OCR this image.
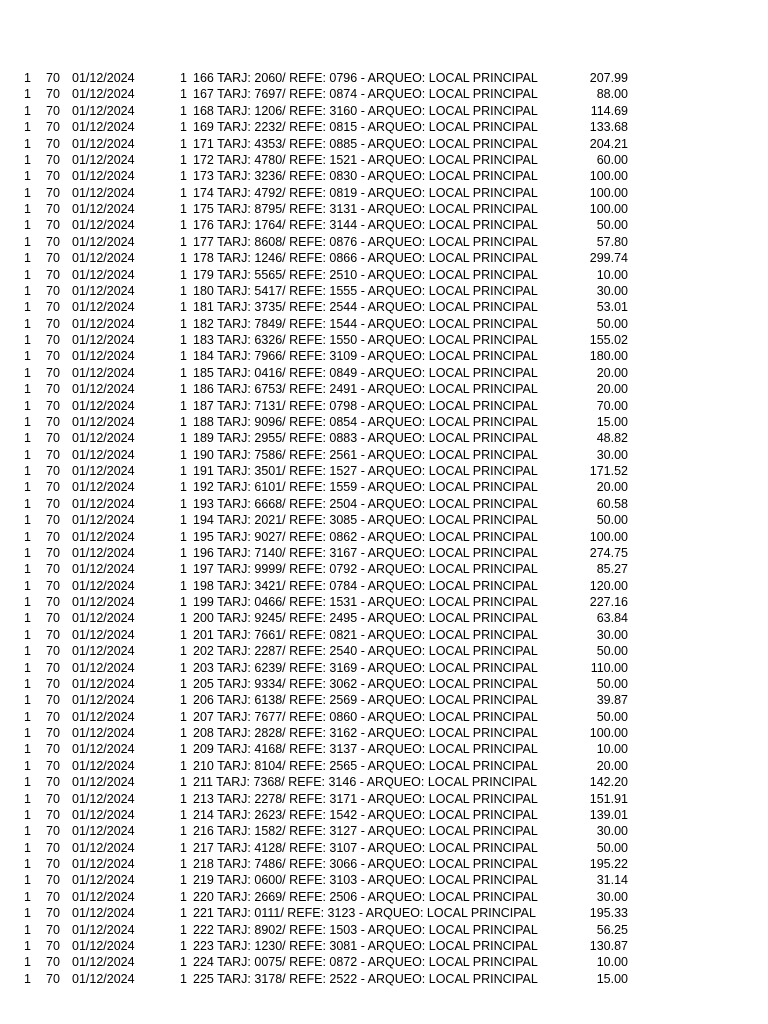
1 70 01/12/2024	1 166 TARJ: 2060/ REFE: 0796 - ARQUEO: LOCAL PRINCIPAL	207.99
1 70 01/12/2024	1 167 TARJ: 7697/ REFE: 0874 - ARQUEO: LOCAL PRINCIPAL	88.00
1 70 01/12/2024	1 168 TARJ: 1206/ REFE: 3160 - ARQUEO: LOCAL PRINCIPAL	114.69
1 70 01/12/2024	1 169 TARJ: 2232/ REFE: 0815 - ARQUEO: LOCAL PRINCIPAL	133.68
1 70 01/12/2024	1 171 TARJ: 4353/ REFE: 0885 - ARQUEO: LOCAL PRINCIPAL	204.21
1 70 01/12/2024	1 172 TARJ: 4780/ REFE: 1521 - ARQUEO: LOCAL PRINCIPAL	60.00
1 70 01/12/2024	1 173 TARJ: 3236/ REFE: 0830 - ARQUEO: LOCAL PRINCIPAL	100.00
1 70 01/12/2024	1 174 TARJ: 4792/ REFE: 0819 - ARQUEO: LOCAL PRINCIPAL	100.00
1 70 01/12/2024	1 175 TARJ: 8795/ REFE: 3131 - ARQUEO: LOCAL PRINCIPAL	100.00
1 70 01/12/2024	1 176 TARJ: 1764/ REFE: 3144 - ARQUEO: LOCAL PRINCIPAL	50.00
1 70 01/12/2024	1 177 TARJ: 8608/ REFE: 0876 - ARQUEO: LOCAL PRINCIPAL	57.80
1 70 01/12/2024	1 178 TARJ: 1246/ REFE: 0866 - ARQUEO: LOCAL PRINCIPAL	299.74
1 70 01/12/2024	1 179 TARJ: 5565/ REFE: 2510 - ARQUEO: LOCAL PRINCIPAL	10.00
1 70 01/12/2024	1 180 TARJ: 5417/ REFE: 1555 - ARQUEO: LOCAL PRINCIPAL	30.00
1 70 01/12/2024	1 181 TARJ: 3735/ REFE: 2544 - ARQUEO: LOCAL PRINCIPAL	53.01
1 70 01/12/2024	1 182 TARJ: 7849/ REFE: 1544 - ARQUEO: LOCAL PRINCIPAL	50.00
1 70 01/12/2024	1 183 TARJ: 6326/ REFE: 1550 - ARQUEO: LOCAL PRINCIPAL	155.02
1 70 01/12/2024	1 184 TARJ: 7966/ REFE: 3109 - ARQUEO: LOCAL PRINCIPAL	180.00
1 70 01/12/2024	1 185 TARJ: 0416/ REFE: 0849 - ARQUEO: LOCAL PRINCIPAL	20.00
1 70 01/12/2024	1 186 TARJ: 6753/ REFE: 2491 - ARQUEO: LOCAL PRINCIPAL	20.00
1 70 01/12/2024	1 187 TARJ: 7131/ REFE: 0798 - ARQUEO: LOCAL PRINCIPAL	70.00
1 70 01/12/2024	1 188 TARJ: 9096/ REFE: 0854 - ARQUEO: LOCAL PRINCIPAL	15.00
1 70 01/12/2024	1 189 TARJ: 2955/ REFE: 0883 - ARQUEO: LOCAL PRINCIPAL	48.82
1 70 01/12/2024	1 190 TARJ: 7586/ REFE: 2561 - ARQUEO: LOCAL PRINCIPAL	30.00
1 70 01/12/2024	1 191 TARJ: 3501/ REFE: 1527 - ARQUEO: LOCAL PRINCIPAL	171.52
1 70 01/12/2024	1 192 TARJ: 6101/ REFE: 1559 - ARQUEO: LOCAL PRINCIPAL	20.00
1 70 01/12/2024	1 193 TARJ: 6668/ REFE: 2504 - ARQUEO: LOCAL PRINCIPAL	60.58
1 70 01/12/2024	1 194 TARJ: 2021/ REFE: 3085 - ARQUEO: LOCAL PRINCIPAL	50.00
1 70 01/12/2024	1 195 TARJ: 9027/ REFE: 0862 - ARQUEO: LOCAL PRINCIPAL	100.00
1 70 01/12/2024	1 196 TARJ: 7140/ REFE: 3167 - ARQUEO: LOCAL PRINCIPAL	274.75
1 70 01/12/2024	1 197 TARJ: 9999/ REFE: 0792 - ARQUEO: LOCAL PRINCIPAL	85.27
1 70 01/12/2024	1 198 TARJ: 3421/ REFE: 0784 - ARQUEO: LOCAL PRINCIPAL	120.00
1 70 01/12/2024	1 199 TARJ: 0466/ REFE: 1531 - ARQUEO: LOCAL PRINCIPAL	227.16
1 70 01/12/2024	1 200 TARJ: 9245/ REFE: 2495 - ARQUEO: LOCAL PRINCIPAL	63.84
1 70 01/12/2024	1 201 TARJ: 7661/ REFE: 0821 - ARQUEO: LOCAL PRINCIPAL	30.00
1 70 01/12/2024	1 202 TARJ: 2287/ REFE: 2540 - ARQUEO: LOCAL PRINCIPAL	50.00
1 70 01/12/2024	1 203 TARJ: 6239/ REFE: 3169 - ARQUEO: LOCAL PRINCIPAL	110.00
1 70 01/12/2024	1 205 TARJ: 9334/ REFE: 3062 - ARQUEO: LOCAL PRINCIPAL	50.00
1 70 01/12/2024	1 206 TARJ: 6138/ REFE: 2569 - ARQUEO: LOCAL PRINCIPAL	39.87
1 70 01/12/2024	1 207 TARJ: 7677/ REFE: 0860 - ARQUEO: LOCAL PRINCIPAL	50.00
1 70 01/12/2024	1 208 TARJ: 2828/ REFE: 3162 - ARQUEO: LOCAL PRINCIPAL	100.00
1 70 01/12/2024	1 209 TARJ: 4168/ REFE: 3137 - ARQUEO: LOCAL PRINCIPAL	10.00
1 70 01/12/2024	1 210 TARJ: 8104/ REFE: 2565 - ARQUEO: LOCAL PRINCIPAL	20.00
1 70 01/12/2024	1 211 TARJ: 7368/ REFE: 3146 - ARQUEO: LOCAL PRINCIPAL	142.20
1 70 01/12/2024	1 213 TARJ: 2278/ REFE: 3171 - ARQUEO: LOCAL PRINCIPAL	151.91
1 70 01/12/2024	1 214 TARJ: 2623/ REFE: 1542 - ARQUEO: LOCAL PRINCIPAL	139.01
1 70 01/12/2024	1 216 TARJ: 1582/ REFE: 3127 - ARQUEO: LOCAL PRINCIPAL	30.00
1 70 01/12/2024	1 217 TARJ: 4128/ REFE: 3107 - ARQUEO: LOCAL PRINCIPAL	50.00
1 70 01/12/2024	1 218 TARJ: 7486/ REFE: 3066 - ARQUEO: LOCAL PRINCIPAL	195.22
1 70 01/12/2024	1 219 TARJ: 0600/ REFE: 3103 - ARQUEO: LOCAL PRINCIPAL	31.14
1 70 01/12/2024	1 220 TARJ: 2669/ REFE: 2506 - ARQUEO: LOCAL PRINCIPAL	30.00
1 70 01/12/2024	1 221 TARJ: 0111/ REFE: 3123 - ARQUEO: LOCAL PRINCIPAL	195.33
1 70 01/12/2024	1 222 TARJ: 8902/ REFE: 1503 - ARQUEO: LOCAL PRINCIPAL	56.25
1 70 01/12/2024	1 223 TARJ: 1230/ REFE: 3081 - ARQUEO: LOCAL PRINCIPAL	130.87
1 70 01/12/2024	1 224 TARJ: 0075/ REFE: 0872 - ARQUEO: LOCAL PRINCIPAL	10.00
1 70 01/12/2024	1 225 TARJ: 3178/ REFE: 2522 - ARQUEO: LOCAL PRINCIPAL	15.00
